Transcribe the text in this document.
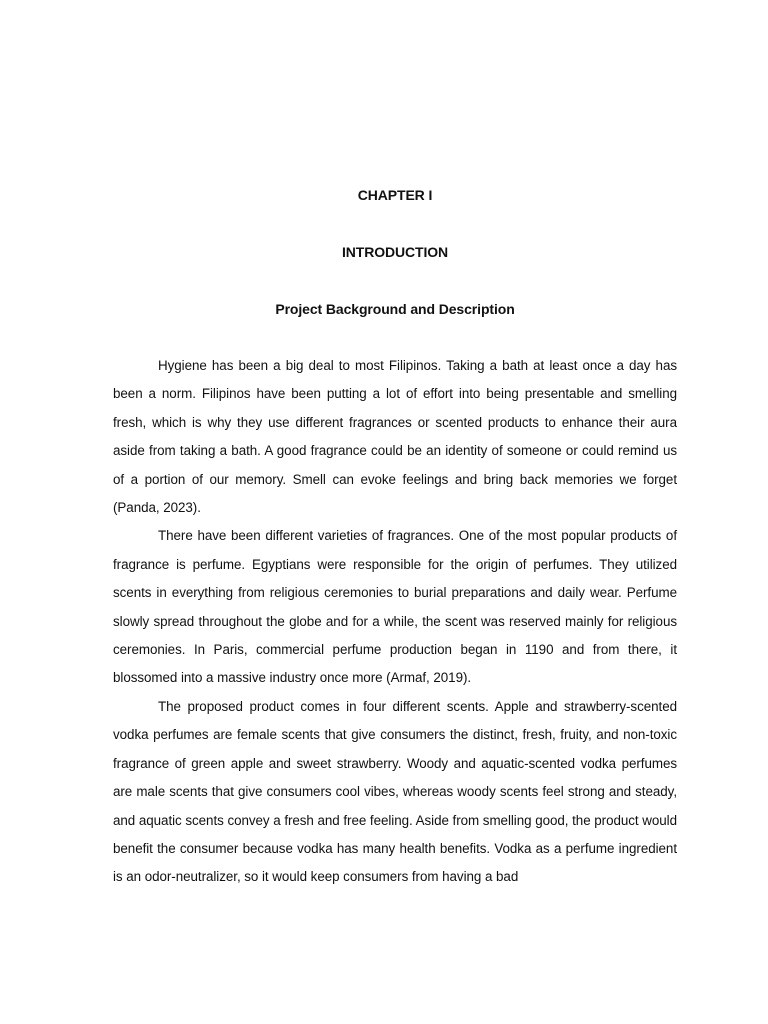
CHAPTER I
INTRODUCTION
Project Background and Description

Hygiene has been a big deal to most Filipinos. Taking a bath at least once a day has been a norm. Filipinos have been putting a lot of effort into being presentable and smelling fresh, which is why they use different fragrances or scented products to enhance their aura aside from taking a bath. A good fragrance could be an identity of someone or could remind us of a portion of our memory. Smell can evoke feelings and bring back memories we forget (Panda, 2023).

There have been different varieties of fragrances. One of the most popular products of fragrance is perfume. Egyptians were responsible for the origin of perfumes. They utilized scents in everything from religious ceremonies to burial preparations and daily wear. Perfume slowly spread throughout the globe and for a while, the scent was reserved mainly for religious ceremonies. In Paris, commercial perfume production began in 1190 and from there, it blossomed into a massive industry once more (Armaf, 2019).

The proposed product comes in four different scents. Apple and strawberry-scented vodka perfumes are female scents that give consumers the distinct, fresh, fruity, and non-toxic fragrance of green apple and sweet strawberry. Woody and aquatic-scented vodka perfumes are male scents that give consumers cool vibes, whereas woody scents feel strong and steady, and aquatic scents convey a fresh and free feeling. Aside from smelling good, the product would benefit the consumer because vodka has many health benefits. Vodka as a perfume ingredient is an odor-neutralizer, so it would keep consumers from having a bad
